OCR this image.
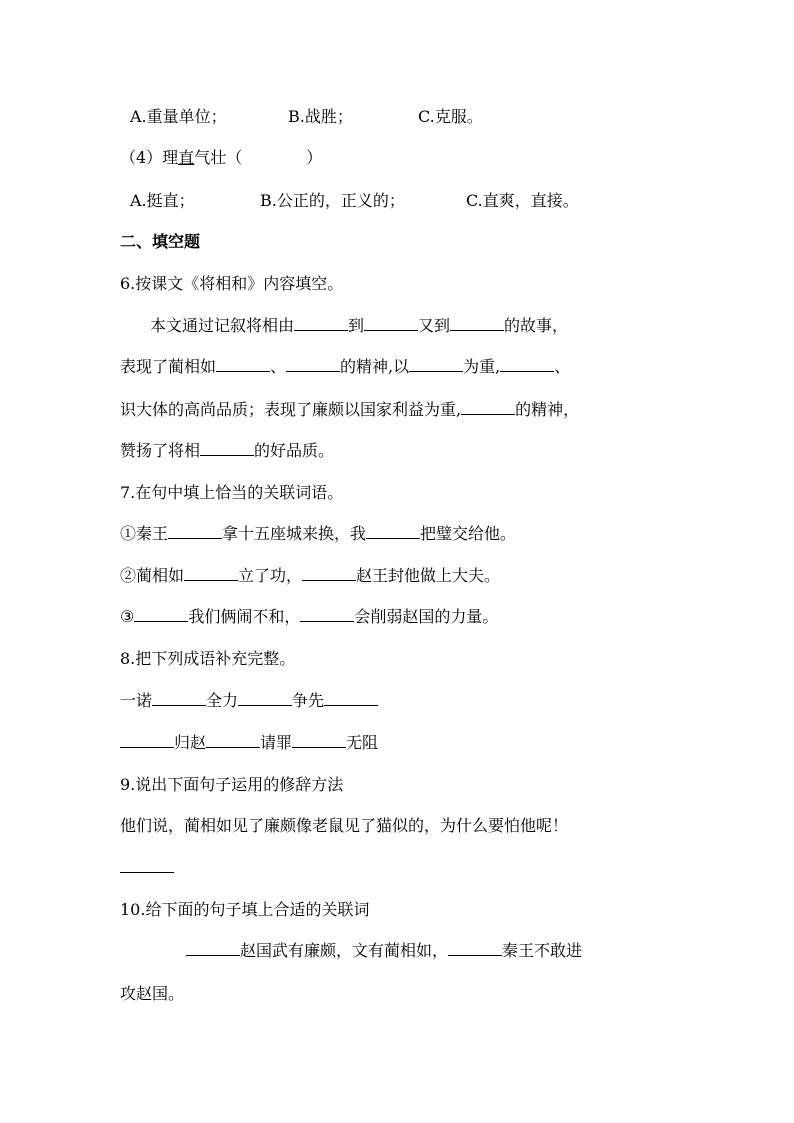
A.重量单位；	B.战胜；	C.克服。
（4）理直气壮（　　　　）
A.挺直；	B.公正的，正义的；	C.直爽，直接。
二、填空题
6.按课文《将相和》内容填空。
本文通过记叙将相由	到	又到	的故事，
表现了蔺相如	、	的精神,以	为重,	、
识大体的高尚品质；表现了廉颇以国家利益为重,	的精神，
赞扬了将相	的好品质。
7.在句中填上恰当的关联词语。
①秦王	拿十五座城来换，我	把璧交给他。
②蔺相如	立了功，	赵王封他做上大夫。
③	我们俩闹不和，	会削弱赵国的力量。
8.把下列成语补充完整。
一诺	全力	争先
归赵	请罪	无阻
9.说出下面句子运用的修辞方法
他们说，蔺相如见了廉颇像老鼠见了猫似的，为什么要怕他呢！
10.给下面的句子填上合适的关联词
赵国武有廉颇，文有蔺相如，	秦王不敢进
攻赵国。
